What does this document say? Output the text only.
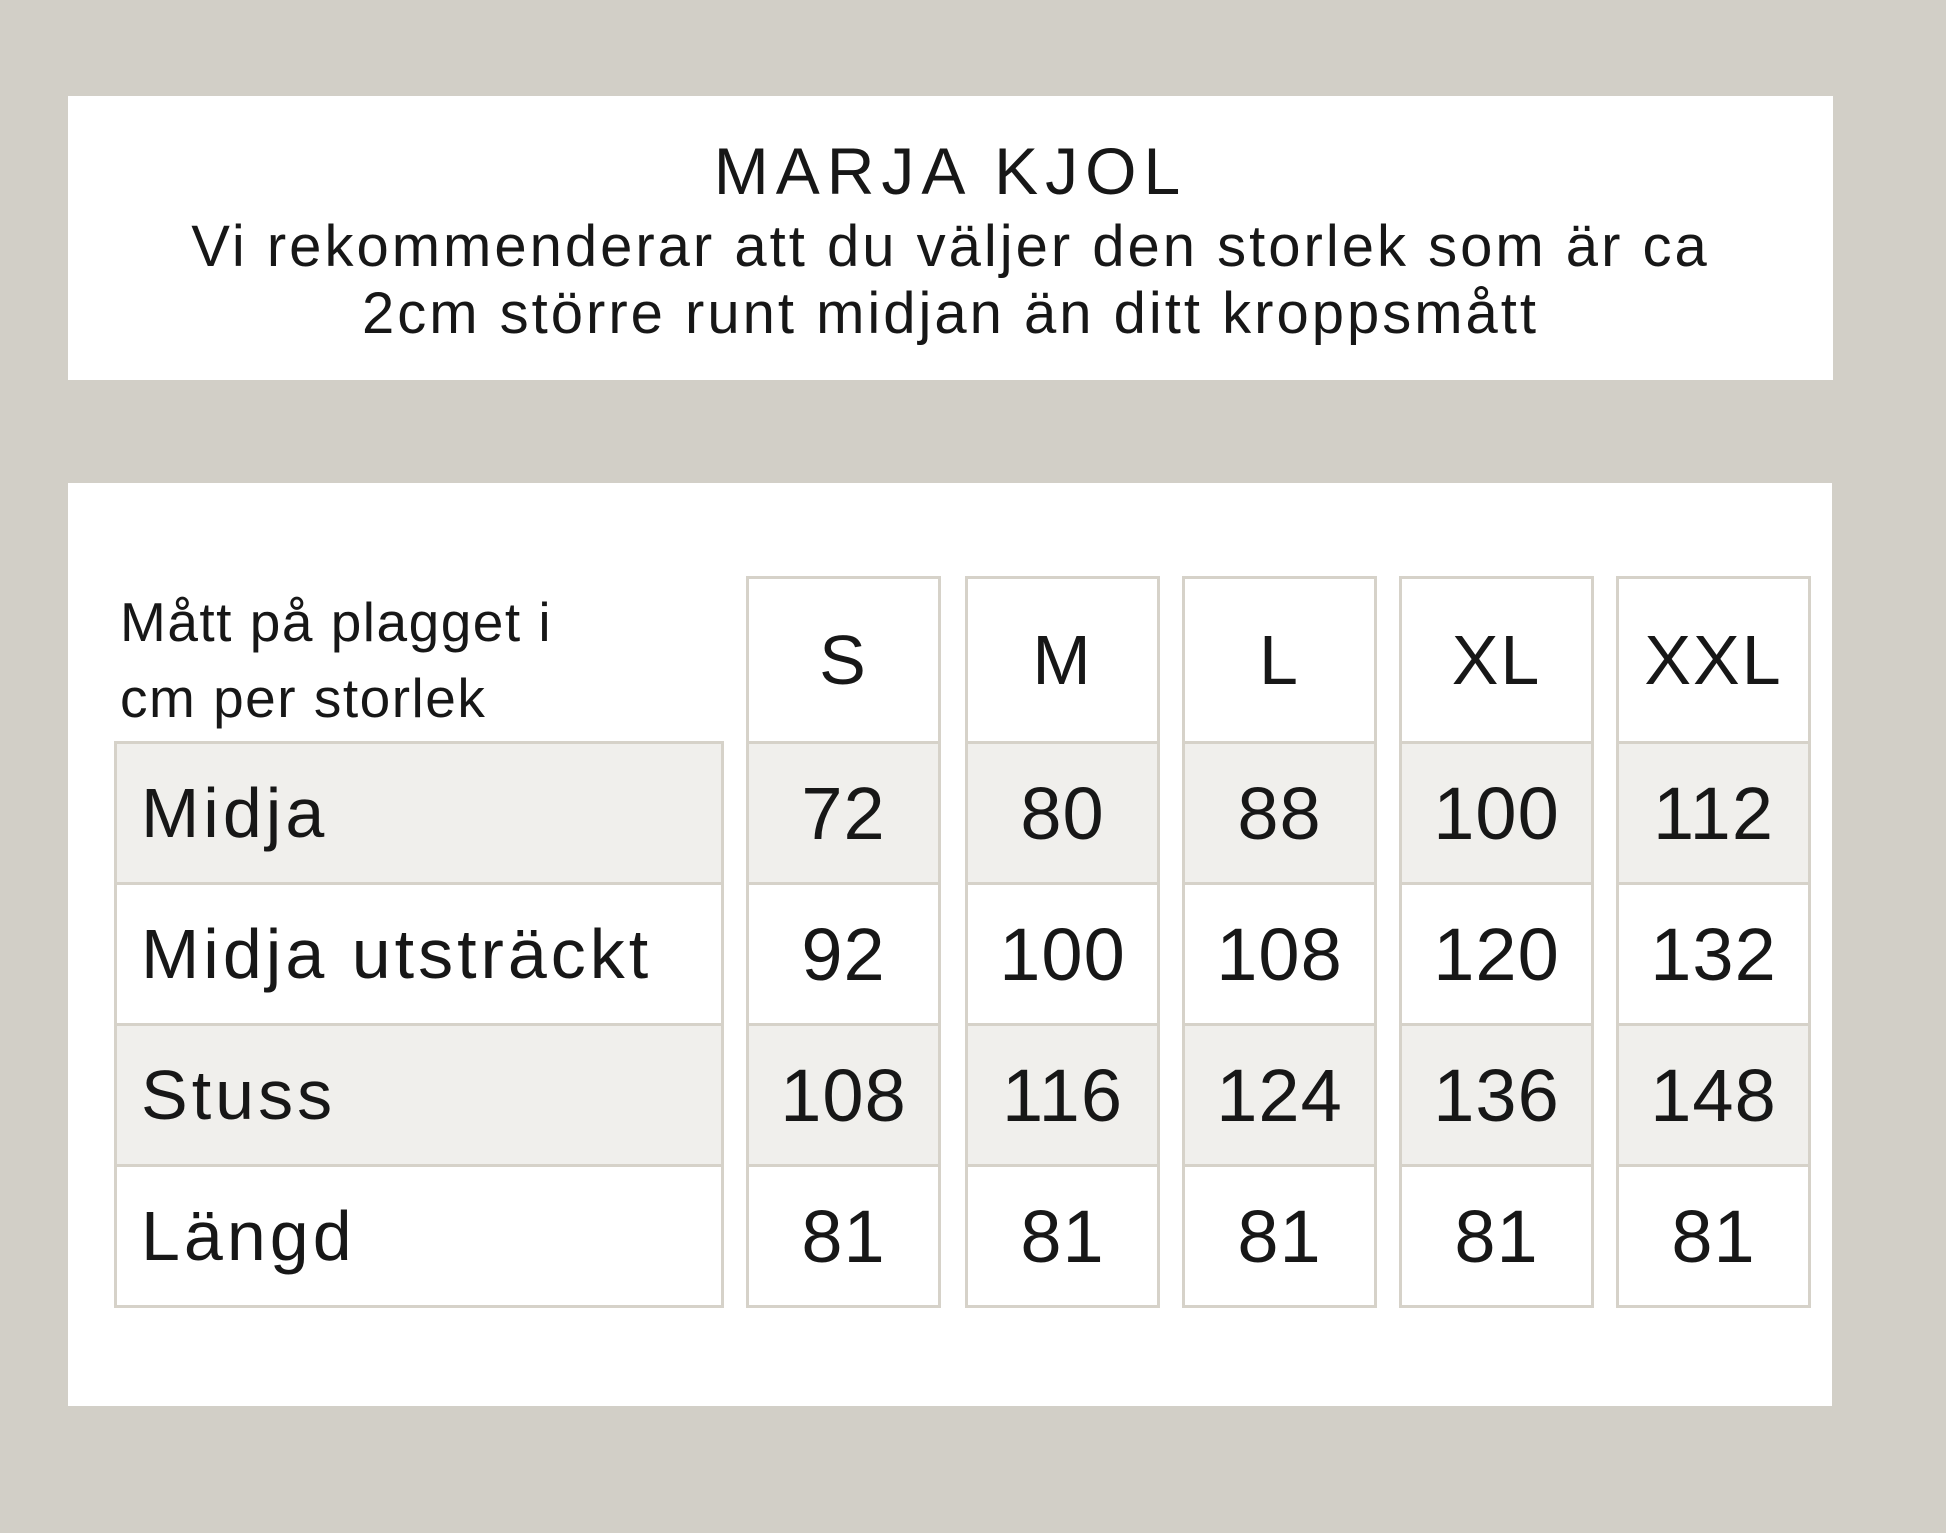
MARJA KJOL

Vi rekommenderar att du väljer den storlek som är ca

2cm större runt midjan än ditt kroppsmått

Mått på plagget i
cm per storlek
Midja
Midja utsträckt
Stuss
Längd
S
72
92
108
81
M
80
100
116
81
L
88
108
124
81
XL
100
120
136
81
XXL
112
132
148
81
